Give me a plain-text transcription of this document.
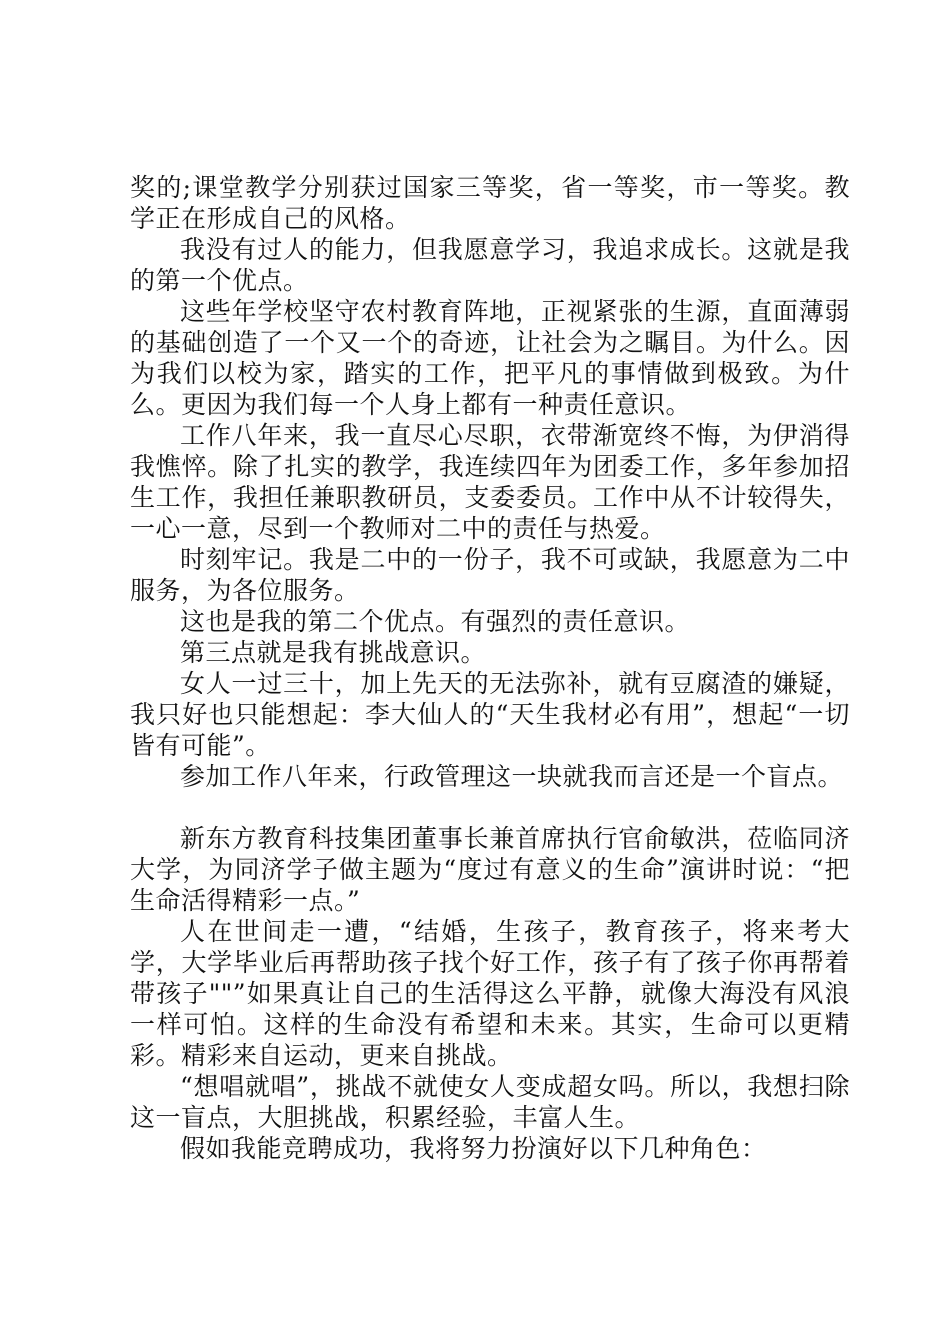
奖的;课堂教学分别获过国家三等奖，省一等奖，市一等奖。教学正在形成自己的风格。

我没有过人的能力，但我愿意学习，我追求成长。这就是我的第一个优点。

这些年学校坚守农村教育阵地，正视紧张的生源，直面薄弱的基础创造了一个又一个的奇迹，让社会为之瞩目。为什么。因为我们以校为家，踏实的工作，把平凡的事情做到极致。为什么。更因为我们每一个人身上都有一种责任意识。

工作八年来，我一直尽心尽职，衣带渐宽终不悔，为伊消得我憔悴。除了扎实的教学，我连续四年为团委工作，多年参加招生工作，我担任兼职教研员，支委委员。工作中从不计较得失，一心一意，尽到一个教师对二中的责任与热爱。

时刻牢记。我是二中的一份子，我不可或缺，我愿意为二中服务，为各位服务。

这也是我的第二个优点。有强烈的责任意识。

第三点就是我有挑战意识。

女人一过三十，加上先天的无法弥补，就有豆腐渣的嫌疑，我只好也只能想起：李大仙人的“天生我材必有用”，想起“一切皆有可能”。

参加工作八年来，行政管理这一块就我而言还是一个盲点。

新东方教育科技集团董事长兼首席执行官俞敏洪，莅临同济大学，为同济学子做主题为“度过有意义的生命”演讲时说：“把生命活得精彩一点。”

人在世间走一遭，“结婚，生孩子，教育孩子，将来考大学，大学毕业后再帮助孩子找个好工作，孩子有了孩子你再帮着带孩子""”如果真让自己的生活得这么平静，就像大海没有风浪一样可怕。这样的生命没有希望和未来。其实，生命可以更精彩。精彩来自运动，更来自挑战。

“想唱就唱”，挑战不就使女人变成超女吗。所以，我想扫除这一盲点，大胆挑战，积累经验，丰富人生。

假如我能竞聘成功，我将努力扮演好以下几种角色：
